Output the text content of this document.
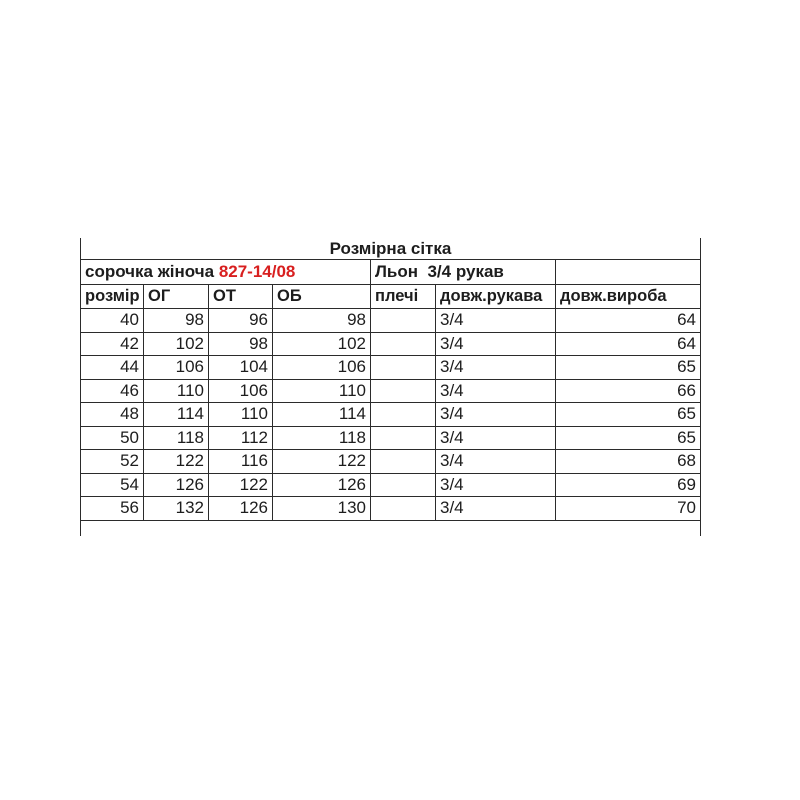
Розмірна сітка						
сорочка жіноча 827-14/08				Льон  3/4 рукав		
розмір	ОГ	ОТ	ОБ	плечі	довж.рукава	довж.вироба
40	98	96	98		3/4	64
42	102	98	102		3/4	64
44	106	104	106		3/4	65
46	110	106	110		3/4	66
48	114	110	114		3/4	65
50	118	112	118		3/4	65
52	122	116	122		3/4	68
54	126	122	126		3/4	69
56	132	126	130		3/4	70
